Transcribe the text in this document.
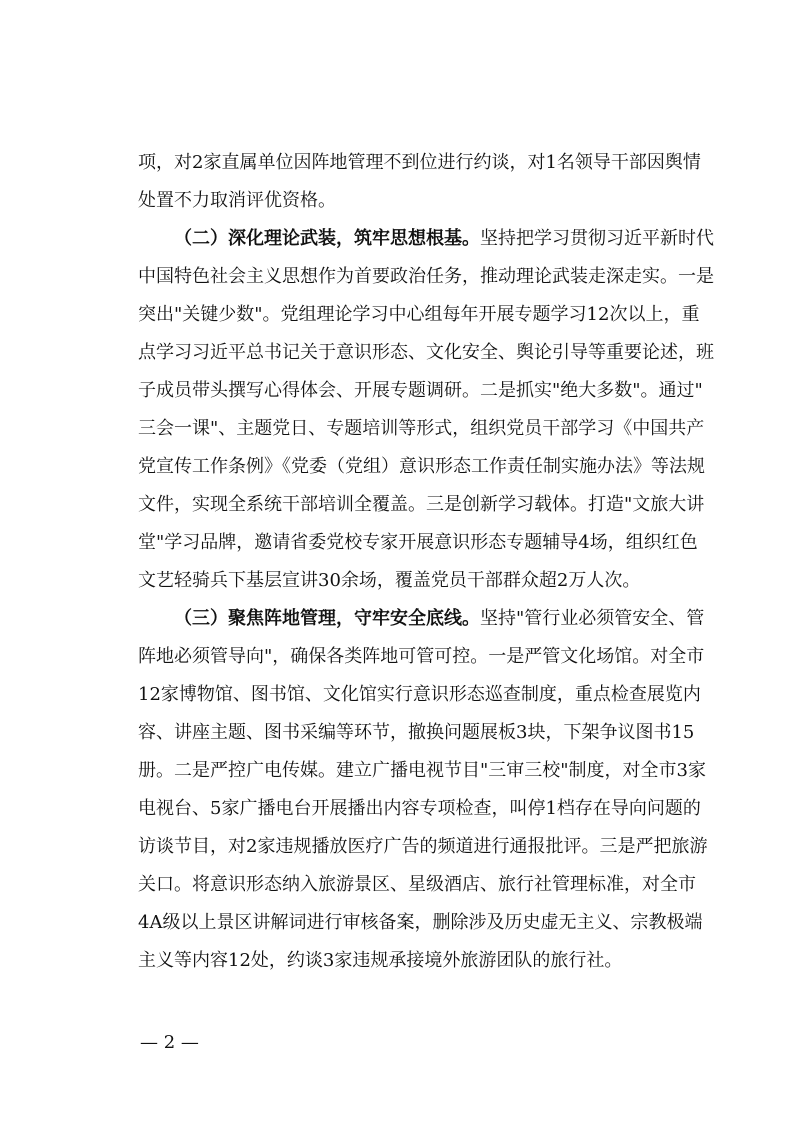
项，对2家直属单位因阵地管理不到位进行约谈，对1名领导干部因舆情
处置不力取消评优资格。
（二）深化理论武装，筑牢思想根基。坚持把学习贯彻习近平新时代
中国特色社会主义思想作为首要政治任务，推动理论武装走深走实。一是
突出"关键少数"。党组理论学习中心组每年开展专题学习12次以上，重
点学习习近平总书记关于意识形态、文化安全、舆论引导等重要论述，班
子成员带头撰写心得体会、开展专题调研。二是抓实"绝大多数"。通过"
三会一课"、主题党日、专题培训等形式，组织党员干部学习《中国共产
党宣传工作条例》《党委（党组）意识形态工作责任制实施办法》等法规
文件，实现全系统干部培训全覆盖。三是创新学习载体。打造"文旅大讲
堂"学习品牌，邀请省委党校专家开展意识形态专题辅导4场，组织红色
文艺轻骑兵下基层宣讲30余场，覆盖党员干部群众超2万人次。
（三）聚焦阵地管理，守牢安全底线。坚持"管行业必须管安全、管
阵地必须管导向"，确保各类阵地可管可控。一是严管文化场馆。对全市
12家博物馆、图书馆、文化馆实行意识形态巡查制度，重点检查展览内
容、讲座主题、图书采编等环节，撤换问题展板3块，下架争议图书15
册。二是严控广电传媒。建立广播电视节目"三审三校"制度，对全市3家
电视台、5家广播电台开展播出内容专项检查，叫停1档存在导向问题的
访谈节目，对2家违规播放医疗广告的频道进行通报批评。三是严把旅游
关口。将意识形态纳入旅游景区、星级酒店、旅行社管理标准，对全市
4A级以上景区讲解词进行审核备案，删除涉及历史虚无主义、宗教极端
主义等内容12处，约谈3家违规承接境外旅游团队的旅行社。
— 2 —
